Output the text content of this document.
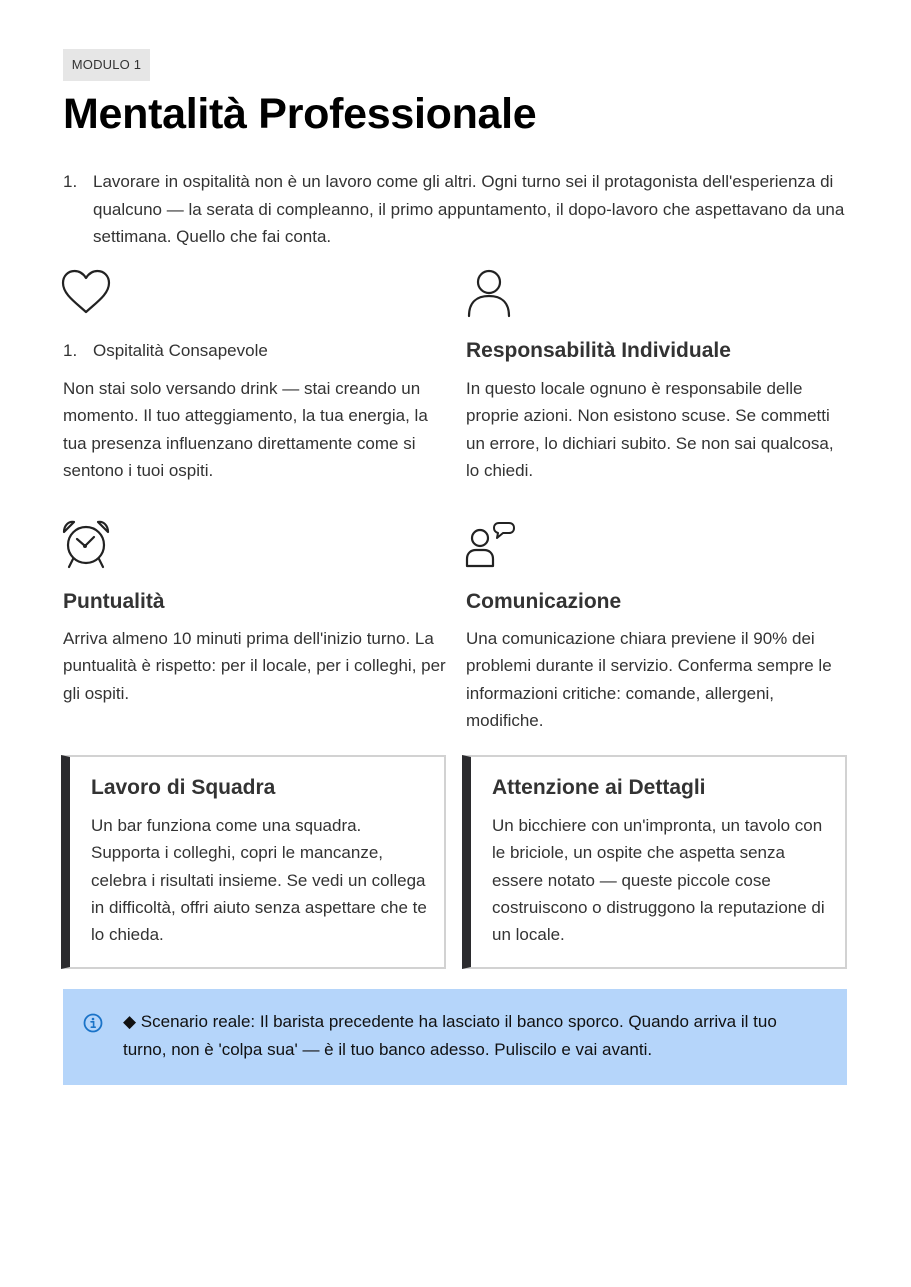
MODULO 1
Mentalità Professionale
1. Lavorare in ospitalità non è un lavoro come gli altri. Ogni turno sei il protagonista dell'esperienza di qualcuno — la serata di compleanno, il primo appuntamento, il dopo-lavoro che aspettavano da una settimana. Quello che fai conta.
1. Ospitalità Consapevole

Non stai solo versando drink — stai creando un momento. Il tuo atteggiamento, la tua energia, la tua presenza influenzano direttamente come si sentono i tuoi ospiti.

Responsabilità Individuale

In questo locale ognuno è responsabile delle proprie azioni. Non esistono scuse. Se commetti un errore, lo dichiari subito. Se non sai qualcosa, lo chiedi.

Puntualità

Arriva almeno 10 minuti prima dell'inizio turno. La puntualità è rispetto: per il locale, per i colleghi, per gli ospiti.

Comunicazione

Una comunicazione chiara previene il 90% dei problemi durante il servizio. Conferma sempre le informazioni critiche: comande, allergeni, modifiche.

Lavoro di Squadra

Un bar funziona come una squadra. Supporta i colleghi, copri le mancanze, celebra i risultati insieme. Se vedi un collega in difficoltà, offri aiuto senza aspettare che te lo chieda.

Attenzione ai Dettagli

Un bicchiere con un'impronta, un tavolo con le briciole, un ospite che aspetta senza essere notato — queste piccole cose costruiscono o distruggono la reputazione di un locale.

◆ Scenario reale: Il barista precedente ha lasciato il banco sporco. Quando arriva il tuo turno, non è 'colpa sua' — è il tuo banco adesso. Puliscilo e vai avanti.
